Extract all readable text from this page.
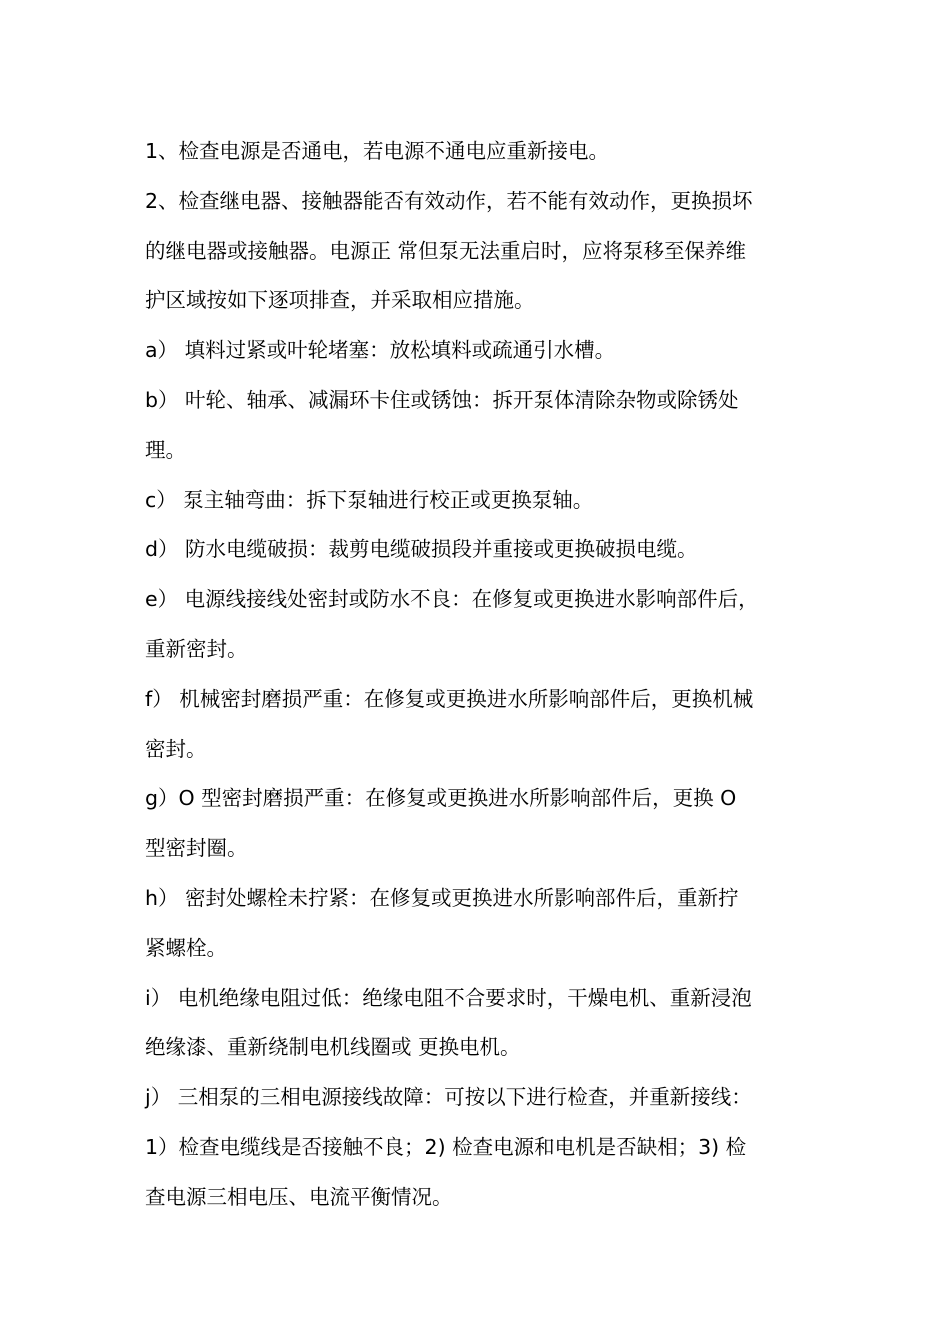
1、检查电源是否通电，若电源不通电应重新接电。
2、检查继电器、接触器能否有效动作，若不能有效动作，更换损坏
的继电器或接触器。电源正 常但泵无法重启时，应将泵移至保养维
护区域按如下逐项排查，并采取相应措施。
a） 填料过紧或叶轮堵塞：放松填料或疏通引水槽。
b） 叶轮、轴承、减漏环卡住或锈蚀：拆开泵体清除杂物或除锈处
理。
c） 泵主轴弯曲：拆下泵轴进行校正或更换泵轴。
d） 防水电缆破损：裁剪电缆破损段并重接或更换破损电缆。
e） 电源线接线处密封或防水不良：在修复或更换进水影响部件后，
重新密封。
f） 机械密封磨损严重：在修复或更换进水所影响部件后，更换机械
密封。
g）O 型密封磨损严重：在修复或更换进水所影响部件后，更换 O
型密封圈。
h） 密封处螺栓未拧紧：在修复或更换进水所影响部件后，重新拧
紧螺栓。
i） 电机绝缘电阻过低：绝缘电阻不合要求时，干燥电机、重新浸泡
绝缘漆、重新绕制电机线圈或 更换电机。
j） 三相泵的三相电源接线故障：可按以下进行检查，并重新接线：
1）检查电缆线是否接触不良；2) 检查电源和电机是否缺相；3) 检
查电源三相电压、电流平衡情况。
